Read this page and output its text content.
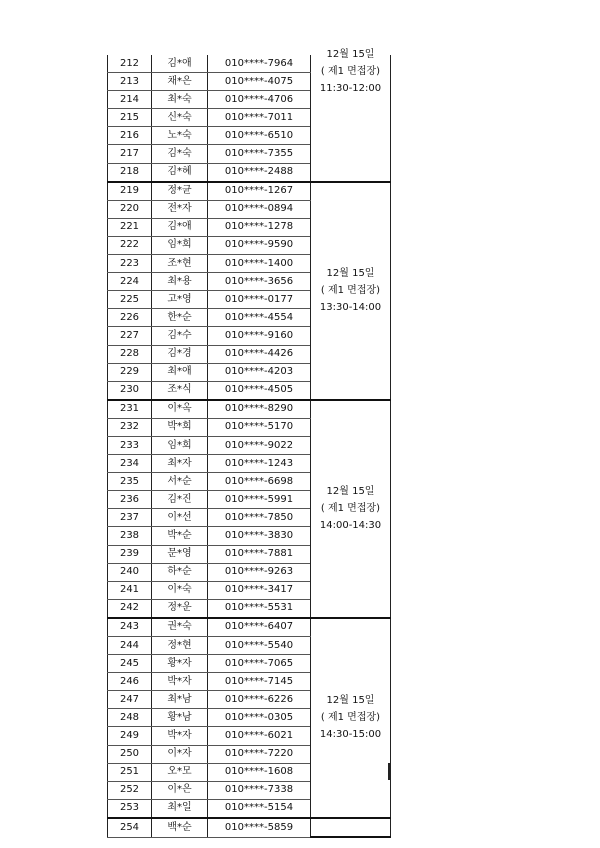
212	김*애	010****-7964	12월 15일
( 제1 면접장)
11:30-12:00

213	채*은	010****-4075	
214	최*숙	010****-4706	
215	신*숙	010****-7011	
216	노*숙	010****-6510	
217	김*숙	010****-7355	
218	김*혜	010****-2488	
219	정*균	010****-1267	12월 15일
( 제1 면접장)
13:30-14:00

220	전*자	010****-0894	
221	김*애	010****-1278	
222	임*희	010****-9590	
223	조*현	010****-1400	
224	최*용	010****-3656	
225	고*영	010****-0177	
226	한*순	010****-4554	
227	김*수	010****-9160	
228	김*경	010****-4426	
229	최*애	010****-4203	
230	조*식	010****-4505	
231	이*옥	010****-8290	12월 15일
( 제1 면접장)
14:00-14:30

232	박*희	010****-5170	
233	임*희	010****-9022	
234	최*자	010****-1243	
235	서*순	010****-6698	
236	김*진	010****-5991	
237	이*선	010****-7850	
238	박*순	010****-3830	
239	문*영	010****-7881	
240	하*순	010****-9263	
241	이*숙	010****-3417	
242	정*운	010****-5531	
243	권*숙	010****-6407	12월 15일
( 제1 면접장)
14:30-15:00

244	정*현	010****-5540	
245	황*자	010****-7065	
246	박*자	010****-7145	
247	최*남	010****-6226	
248	황*남	010****-0305	
249	박*자	010****-6021	
250	이*자	010****-7220	
251	오*모	010****-1608	
252	이*은	010****-7338	
253	최*일	010****-5154	
254	백*순	010****-5859	
